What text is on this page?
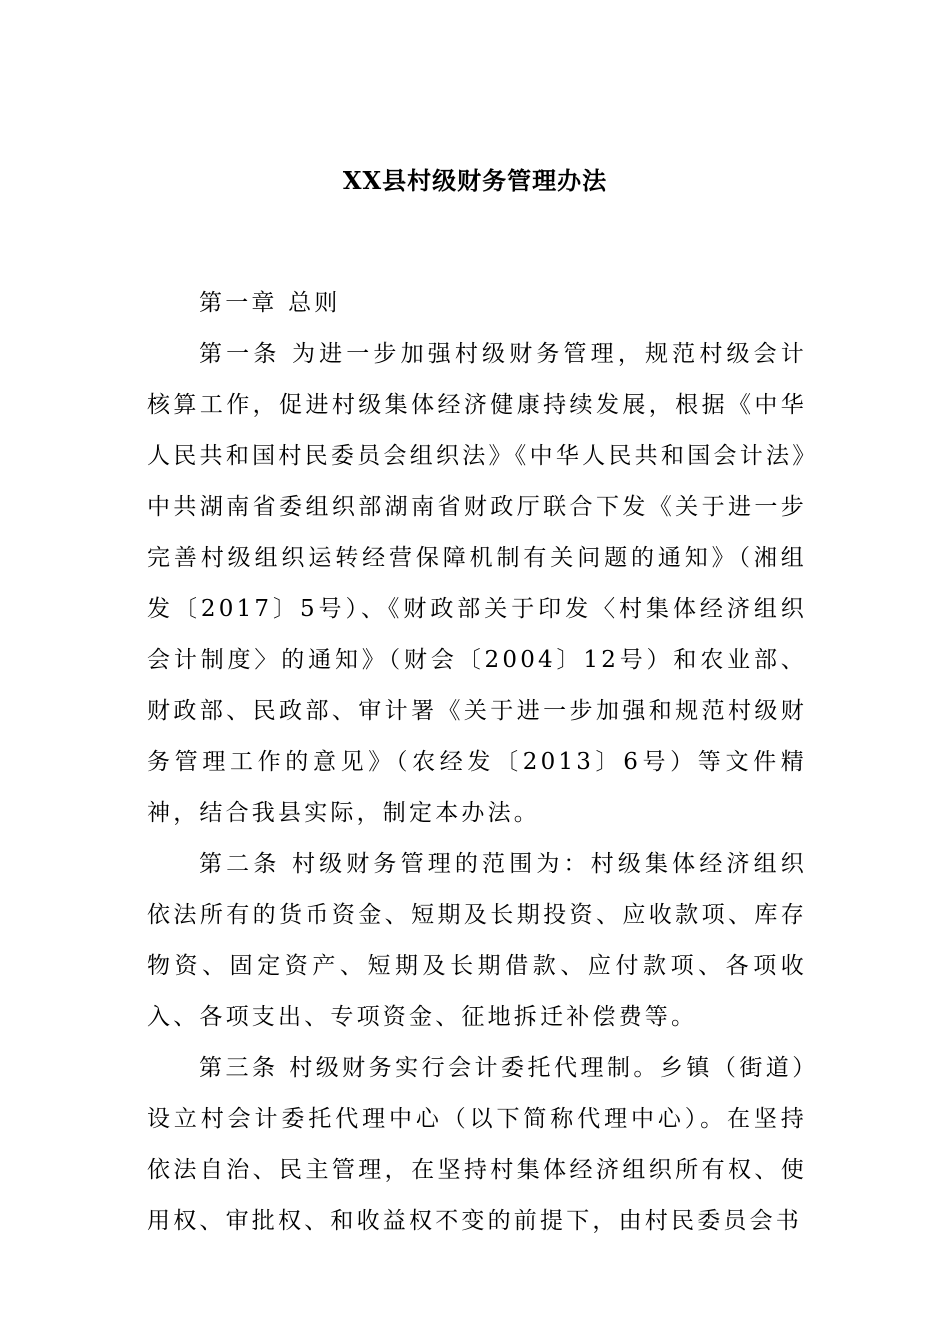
XX县村级财务管理办法

第一章 总则

第一条 为进一步加强村级财务管理，规范村级会计核算工作，促进村级集体经济健康持续发展，根据《中华人民共和国村民委员会组织法》《中华人民共和国会计法》中共湖南省委组织部湖南省财政厅联合下发《关于进一步完善村级组织运转经营保障机制有关问题的通知》（湘组发〔2017〕5号）、《财政部关于印发〈村集体经济组织会计制度〉的通知》（财会〔2004〕12号）和农业部、财政部、民政部、审计署《关于进一步加强和规范村级财务管理工作的意见》（农经发〔2013〕6号）等文件精神，结合我县实际，制定本办法。

第二条 村级财务管理的范围为：村级集体经济组织依法所有的货币资金、短期及长期投资、应收款项、库存物资、固定资产、短期及长期借款、应付款项、各项收入、各项支出、专项资金、征地拆迁补偿费等。

第三条 村级财务实行会计委托代理制。乡镇（街道）设立村会计委托代理中心（以下简称代理中心）。在坚持依法自治、民主管理，在坚持村集体经济组织所有权、使用权、审批权、和收益权不变的前提下，由村民委员会书
